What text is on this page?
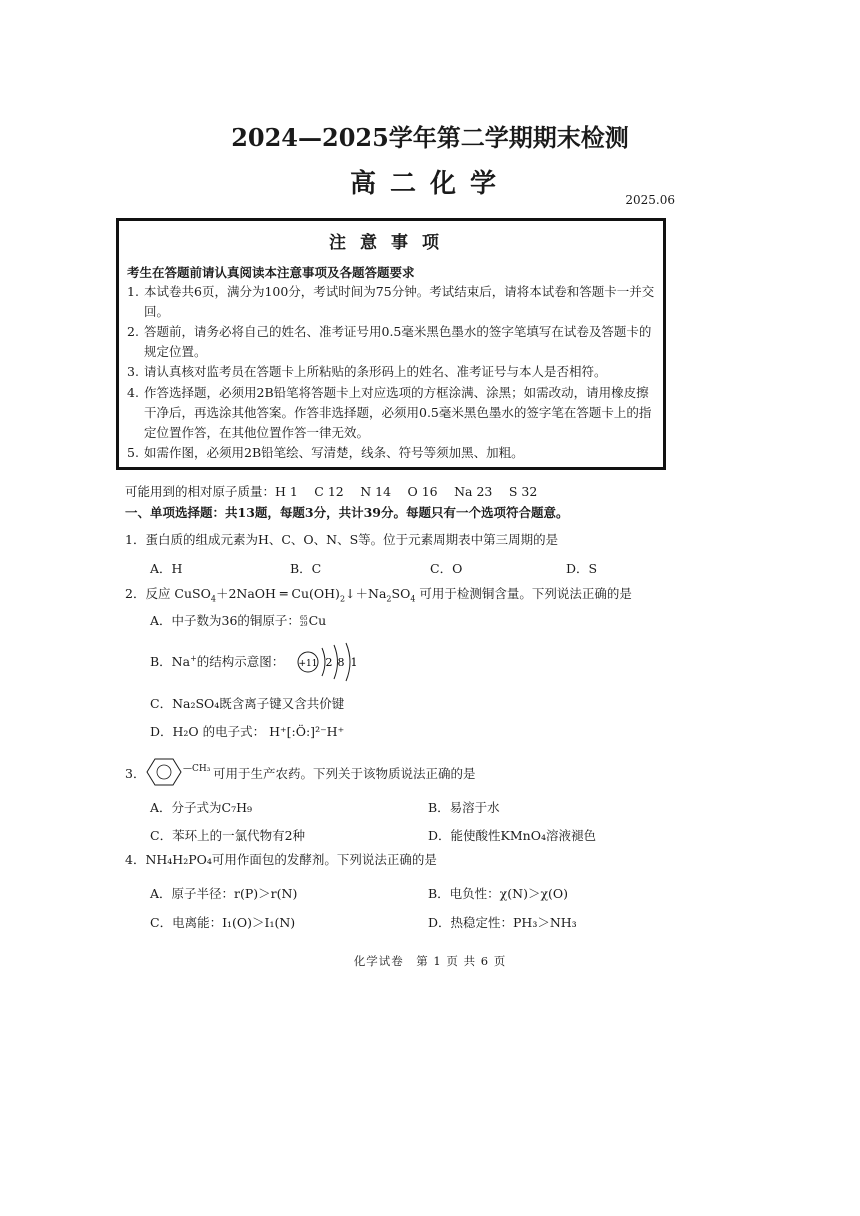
2024—2025学年第二学期期末检测
高二化学
2025.06
注意事项
考生在答题前请认真阅读本注意事项及各题答题要求
1. 本试卷共6页，满分为100分，考试时间为75分钟。考试结束后，请将本试卷和答题卡一并交回。
2. 答题前，请务必将自己的姓名、准考证号用0.5毫米黑色墨水的签字笔填写在试卷及答题卡的规定位置。
3. 请认真核对监考员在答题卡上所粘贴的条形码上的姓名、准考证号与本人是否相符。
4. 作答选择题，必须用2B铅笔将答题卡上对应选项的方框涂满、涂黑；如需改动，请用橡皮擦干净后，再选涂其他答案。作答非选择题，必须用0.5毫米黑色墨水的签字笔在答题卡上的指定位置作答，在其他位置作答一律无效。
5. 如需作图，必须用2B铅笔绘、写清楚，线条、符号等须加黑、加粗。
可能用到的相对原子质量：H 1　 C 12　 N 14　 O 16　 Na 23　 S 32
一、单项选择题：共13题，每题3分，共计39分。每题只有一个选项符合题意。
1．蛋白质的组成元素为H、C、O、N、S等。位于元素周期表中第三周期的是
A．H	B．C	C．O	D．S
2．反应 CuSO$_4$＋2NaOH ═ $Cu(OH)_2↓+Na_2SO_4$ 可用于检测铜含量。下列说法正确的是
A．中子数为36的铜原子：65
29Cu
B．Na+的结构示意图： +11 2 8 1
C．Na₂SO₄既含离子键又含共价键
D．H₂O 的电子式： H⁺[:Ö:]²⁻H⁺
3．	—CH₃ 可用于生产农药。下列关于该物质说法正确的是
A．分子式为C₇H₉	B．易溶于水
C．苯环上的一氯代物有2种	D．能使酸性KMnO₄溶液褪色
4．NH₄H₂PO₄可用作面包的发酵剂。下列说法正确的是
A．原子半径：r(P)＞r(N)	B．电负性：χ(N)＞χ(O)
C．电离能：I₁(O)＞I₁(N)	D．热稳定性：PH₃＞NH₃
化学试卷　第 1 页 共 6 页
